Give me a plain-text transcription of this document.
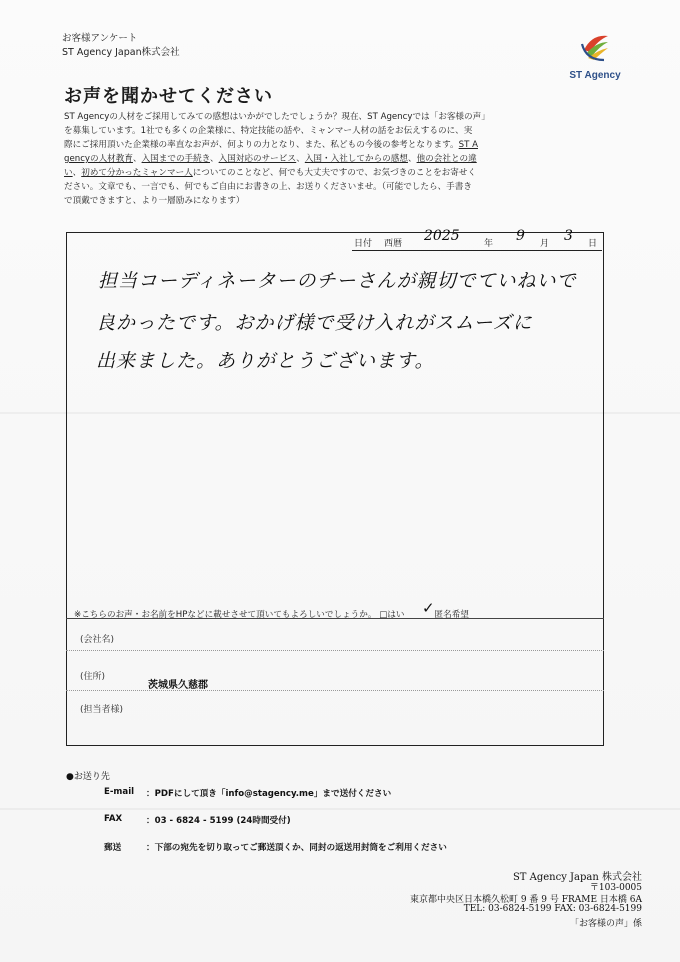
お客様アンケート
ST Agency Japan株式会社
ST Agency
お声を聞かせてください
ST Agencyの人材をご採用してみての感想はいかがでしたでしょうか？現在、ST Agencyでは「お客様の声」
を募集しています。1社でも多くの企業様に、特定技能の話や、ミャンマー人材の話をお伝えするのに、実
際にご採用頂いた企業様の率直なお声が、何よりの力となり、また、私どもの今後の参考となります。ST A
gencyの人材教育、入国までの手続き、入国対応のサービス、入国・入社してからの感想、他の会社との違
い、初めて分かったミャンマー人についてのことなど、何でも大丈夫ですので、お気づきのことをお寄せく
ださい。文章でも、一言でも、何でもご自由にお書きの上、お送りくださいませ。（可能でしたら、手書き
で頂戴できますと、より一層励みになります）
日付 西暦 2025	年 9 月 3 日
担当コーディネーターのチーさんが親切でていねいで
良かったです。おかげ様で受け入れがスムーズに
出来ました。ありがとうございます。
※こちらのお声・お名前をHPなどに載せさせて頂いてもよろしいでしょうか。 □はい ✓匿名希望
(会社名)
(住所)
茨城県久慈郡
(担当者様)
●お送り先
E-mail ：PDFにして頂き「info@stagency.me」まで送付ください
FAX	：03 - 6824 - 5199 (24時間受付)
郵送	：下部の宛先を切り取ってご郵送頂くか、同封の返送用封筒をご利用ください
ST Agency Japan 株式会社
〒103-0005
東京都中央区日本橋久松町 9 番 9 号 FRAME 日本橋 6A
TEL: 03-6824-5199 FAX: 03-6824-5199
「お客様の声」係
